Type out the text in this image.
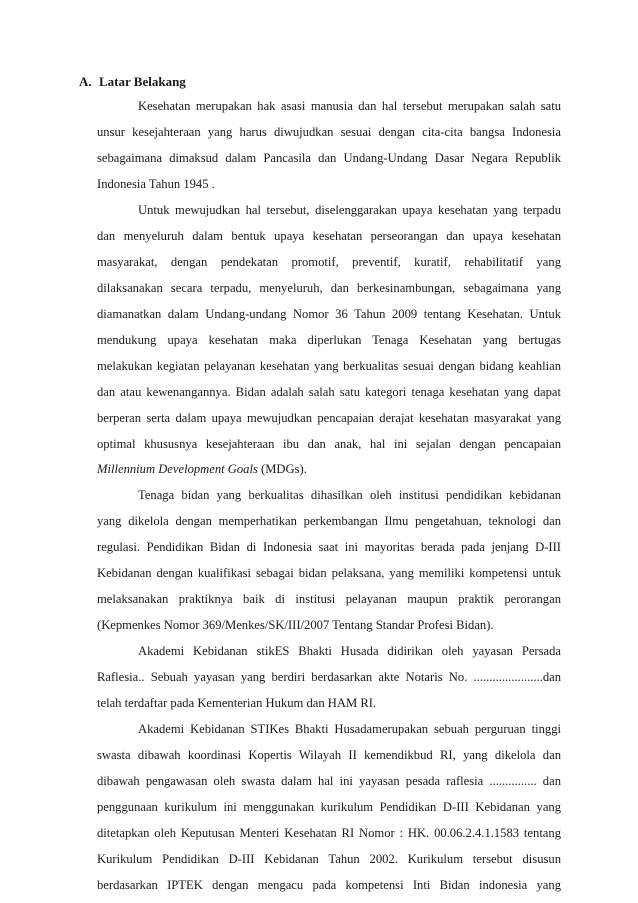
A. Latar Belakang
Kesehatan merupakan hak asasi manusia dan hal tersebut merupakan salah satu
unsur kesejahteraan yang harus diwujudkan sesuai dengan cita-cita bangsa Indonesia
sebagaimana dimaksud dalam Pancasila dan Undang-Undang Dasar Negara Republik
Indonesia Tahun 1945 .
Untuk mewujudkan hal tersebut, diselenggarakan upaya kesehatan yang terpadu
dan menyeluruh dalam bentuk upaya kesehatan perseorangan dan upaya kesehatan
masyarakat, dengan pendekatan promotif, preventif, kuratif, rehabilitatif yang
dilaksanakan secara terpadu, menyeluruh, dan berkesinambungan, sebagaimana yang
diamanatkan dalam Undang-undang Nomor 36 Tahun 2009 tentang Kesehatan. Untuk
mendukung upaya kesehatan maka diperlukan Tenaga Kesehatan yang bertugas
melakukan kegiatan pelayanan kesehatan yang berkualitas sesuai dengan bidang keahlian
dan atau kewenangannya. Bidan adalah salah satu kategori tenaga kesehatan yang dapat
berperan serta dalam upaya mewujudkan pencapaian derajat kesehatan masyarakat yang
optimal khususnya kesejahteraan ibu dan anak, hal ini sejalan dengan pencapaian
Millennium Development Goals (MDGs).
Tenaga bidan yang berkualitas dihasilkan oleh institusi pendidikan kebidanan
yang dikelola dengan memperhatikan perkembangan Ilmu pengetahuan, teknologi dan
regulasi. Pendidikan Bidan di Indonesia saat ini mayoritas berada pada jenjang D-III
Kebidanan dengan kualifikasi sebagai bidan pelaksana, yang memiliki kompetensi untuk
melaksanakan praktiknya baik di institusi pelayanan maupun praktik perorangan
(Kepmenkes Nomor 369/Menkes/SK/III/2007 Tentang Standar Profesi Bidan).
Akademi Kebidanan stikES Bhakti Husada didirikan oleh yayasan Persada
Raflesia.. Sebuah yayasan yang berdiri berdasarkan akte Notaris No. ......................dan
telah terdaftar pada Kementerian Hukum dan HAM RI.
Akademi Kebidanan STIKes Bhakti Husadamerupakan sebuah perguruan tinggi
swasta dibawah koordinasi Kopertis Wilayah II kemendikbud RI, yang dikelola dan
dibawah pengawasan oleh swasta dalam hal ini yayasan pesada raflesia ............... dan
penggunaan kurikulum ini menggunakan kurikulum Pendidikan D-III Kebidanan yang
ditetapkan oleh Keputusan Menteri Kesehatan RI Nomor : HK. 00.06.2.4.1.1583 tentang
Kurikulum Pendidikan D-III Kebidanan Tahun 2002. Kurikulum tersebut disusun
berdasarkan IPTEK dengan mengacu pada kompetensi Inti Bidan indonesia yang
